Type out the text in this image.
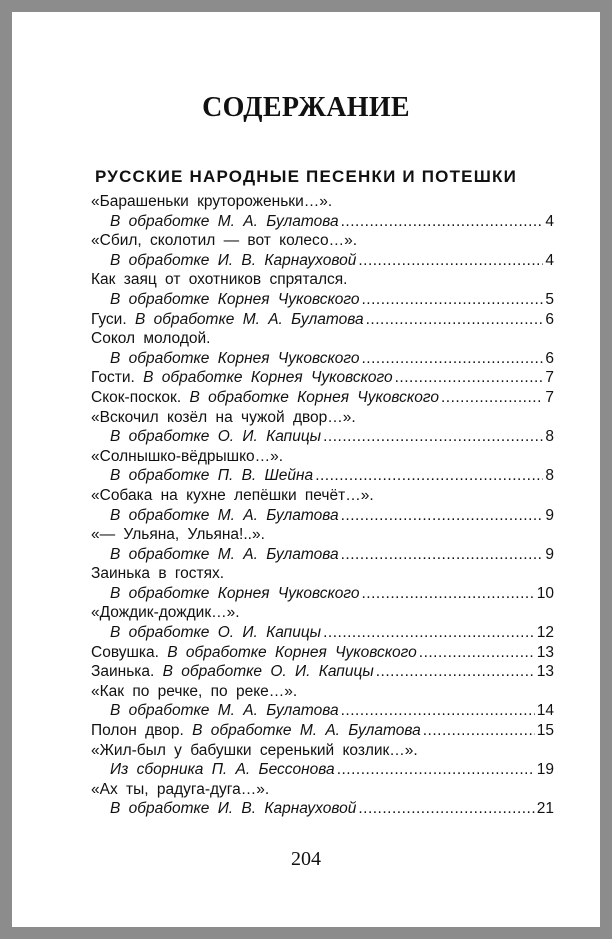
СОДЕРЖАНИЕ
РУССКИЕ НАРОДНЫЕ ПЕСЕНКИ И ПОТЕШКИ
«Барашеньки крутороженьки…».
В обработке М. А. Булатова .....	4
«Сбил, сколотил — вот колесо…».
В обработке И. В. Карнауховой .....	4
Как заяц от охотников спрятался.
В обработке Корнея Чуковского .....	5
Гуси.
В обработке М. А. Булатова .....	6
Сокол молодой.
В обработке Корнея Чуковского .....	6
Гости.
В обработке Корнея Чуковского .....	7
Скок-поскок.
В обработке Корнея Чуковского .....	7
«Вскочил козёл на чужой двор…».
В обработке О. И. Капицы .....	8
«Солнышко-вёдрышко…».
В обработке П. В. Шейна .....	8
«Собака на кухне лепёшки печёт…».
В обработке М. А. Булатова .....	9
«— Ульяна, Ульяна!..».
В обработке М. А. Булатова .....	9
Заинька в гостях.
В обработке Корнея Чуковского .....	10
«Дождик-дождик…».
В обработке О. И. Капицы .....	12
Совушка.
В обработке Корнея Чуковского .....	13
Заинька.
В обработке О. И. Капицы .....	13
«Как по речке, по реке…».
В обработке М. А. Булатова .....	14
Полон двор.
В обработке М. А. Булатова .....	15
«Жил-был у бабушки серенький козлик…».
Из сборника П. А. Бессонова .....	19
«Ах ты, радуга-дуга…».
В обработке И. В. Карнауховой .....	21
204
